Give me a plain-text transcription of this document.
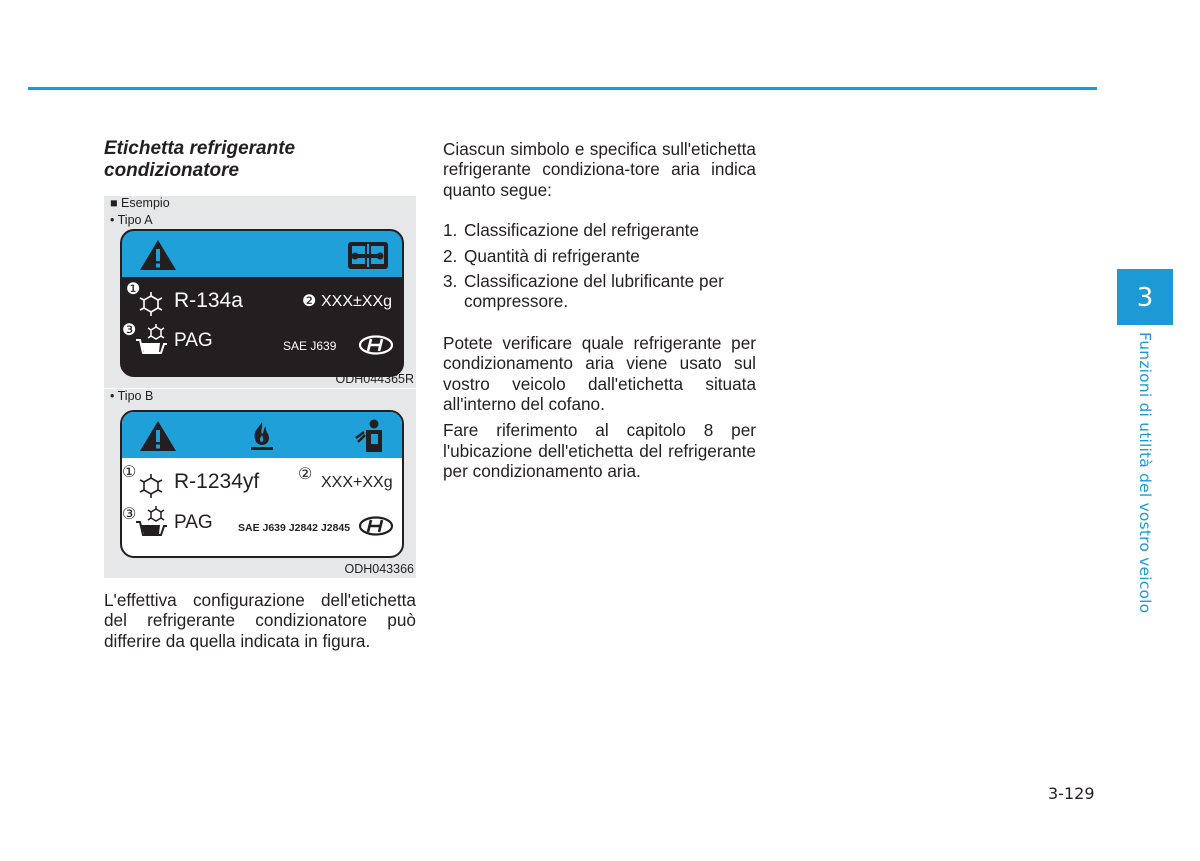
Etichetta refrigerante condizionatore
■ Esempio
• Tipo A
❶ R-134a	❷ XXX±XXg
❸ PAG	SAE J639
ODH044365R
• Tipo B
① R-1234yf ② XXX+XXg
③ PAG SAE J639 J2842 J2845
ODH043366

L'effettiva configurazione dell'etichetta del refrigerante condizionatore può differire da quella indicata in figura.

Ciascun simbolo e specifica sull'etichetta refrigerante condiziona-tore aria indica quanto segue:

1. Classificazione del refrigerante
2. Quantità di refrigerante
3. Classificazione del lubrificante per compressore.

Potete verificare quale refrigerante per condizionamento aria viene usato sul vostro veicolo dall'etichetta situata all'interno del cofano.

Fare riferimento al capitolo 8 per l'ubicazione dell'etichetta del refrigerante per condizionamento aria.

3
Funzioni di utilità del vostro veicolo
3-129
